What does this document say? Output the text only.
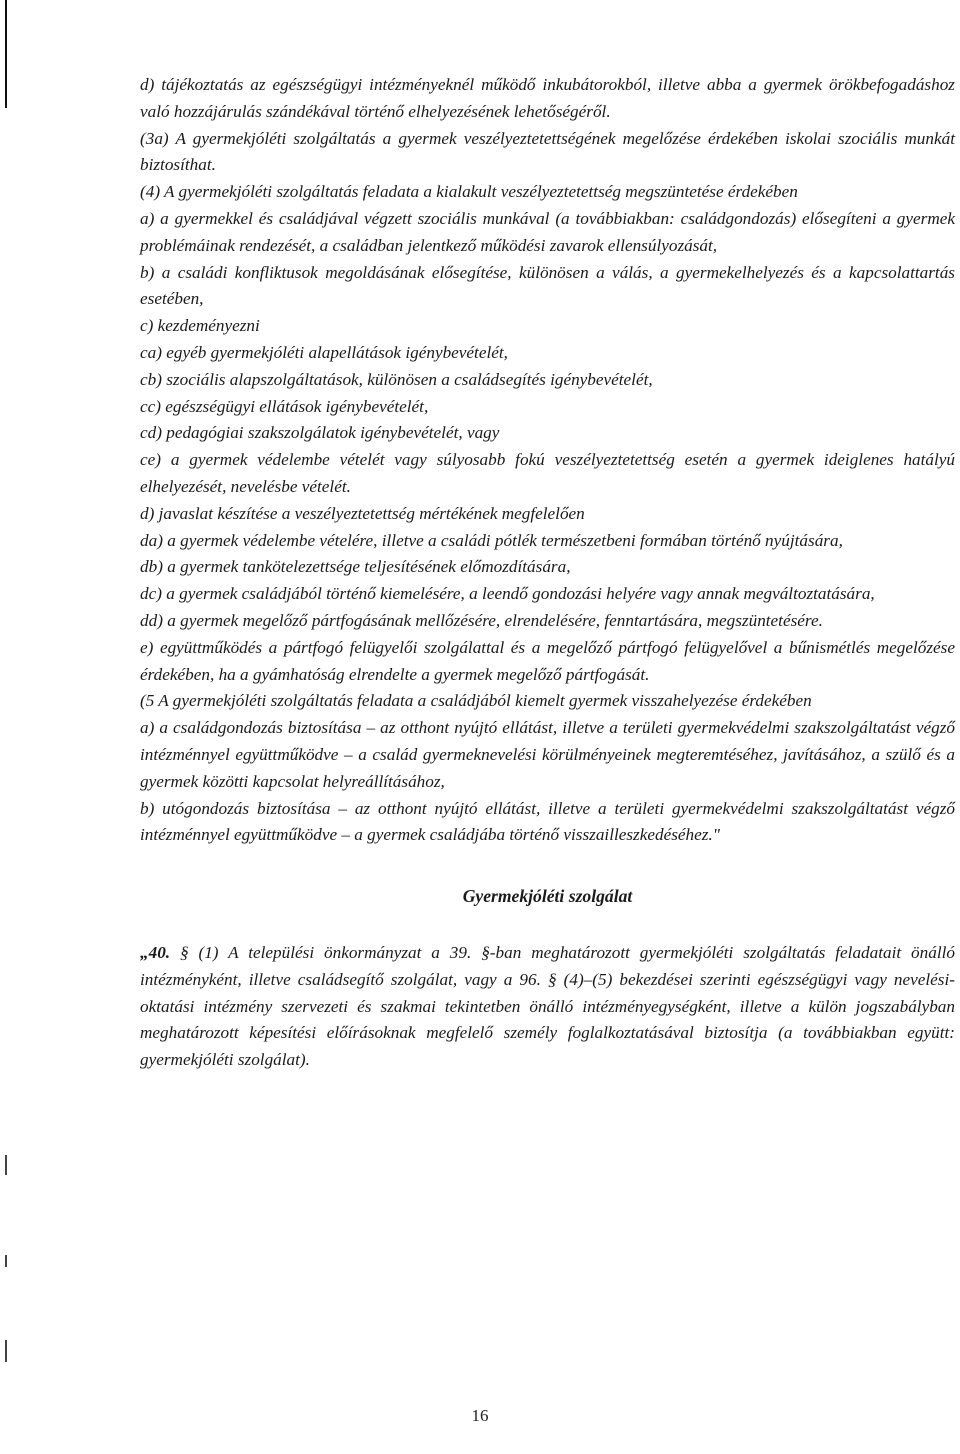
d) tájékoztatás az egészségügyi intézményeknél működő inkubátorokból, illetve abba a gyermek örökbefogadáshoz való hozzájárulás szándékával történő elhelyezésének lehetőségéről.

(3a) A gyermekjóléti szolgáltatás a gyermek veszélyeztetettségének megelőzése érdekében iskolai szociális munkát biztosíthat.

(4) A gyermekjóléti szolgáltatás feladata a kialakult veszélyeztetettség megszüntetése érdekében

a) a gyermekkel és családjával végzett szociális munkával (a továbbiakban: családgondozás) elősegíteni a gyermek problémáinak rendezését, a családban jelentkező működési zavarok ellensúlyozását,

b) a családi konfliktusok megoldásának elősegítése, különösen a válás, a gyermekelhelyezés és a kapcsolattartás esetében,

c) kezdeményezni

ca) egyéb gyermekjóléti alapellátások igénybevételét,

cb) szociális alapszolgáltatások, különösen a családsegítés igénybevételét,

cc) egészségügyi ellátások igénybevételét,

cd) pedagógiai szakszolgálatok igénybevételét, vagy

ce) a gyermek védelembe vételét vagy súlyosabb fokú veszélyeztetettség esetén a gyermek ideiglenes hatályú elhelyezését, nevelésbe vételét.

d) javaslat készítése a veszélyeztetettség mértékének megfelelően

da) a gyermek védelembe vételére, illetve a családi pótlék természetbeni formában történő nyújtására,

db) a gyermek tankötelezettsége teljesítésének előmozdítására,

dc) a gyermek családjából történő kiemelésére, a leendő gondozási helyére vagy annak megváltoztatására,

dd) a gyermek megelőző pártfogásának mellőzésére, elrendelésére, fenntartására, megszüntetésére.

e) együttműködés a pártfogó felügyelői szolgálattal és a megelőző pártfogó felügyelővel a bűnismétlés megelőzése érdekében, ha a gyámhatóság elrendelte a gyermek megelőző pártfogását.

(5 A gyermekjóléti szolgáltatás feladata a családjából kiemelt gyermek visszahelyezése érdekében

a) a családgondozás biztosítása – az otthont nyújtó ellátást, illetve a területi gyermekvédelmi szakszolgáltatást végző intézménnyel együttműködve – a család gyermeknevelési körülményeinek megteremtéséhez, javításához, a szülő és a gyermek közötti kapcsolat helyreállításához,

b) utógondozás biztosítása – az otthont nyújtó ellátást, illetve a területi gyermekvédelmi szakszolgáltatást végző intézménnyel együttműködve – a gyermek családjába történő visszailleszkedéséhez."

Gyermekjóléti szolgálat

„40. § (1) A települési önkormányzat a 39. §-ban meghatározott gyermekjóléti szolgáltatás feladatait önálló intézményként, illetve családsegítő szolgálat, vagy a 96. § (4)–(5) bekezdései szerinti egészségügyi vagy nevelési-oktatási intézmény szervezeti és szakmai tekintetben önálló intézményegységként, illetve a külön jogszabályban meghatározott képesítési előírásoknak megfelelő személy foglalkoztatásával biztosítja (a továbbiakban együtt: gyermekjóléti szolgálat).

16
